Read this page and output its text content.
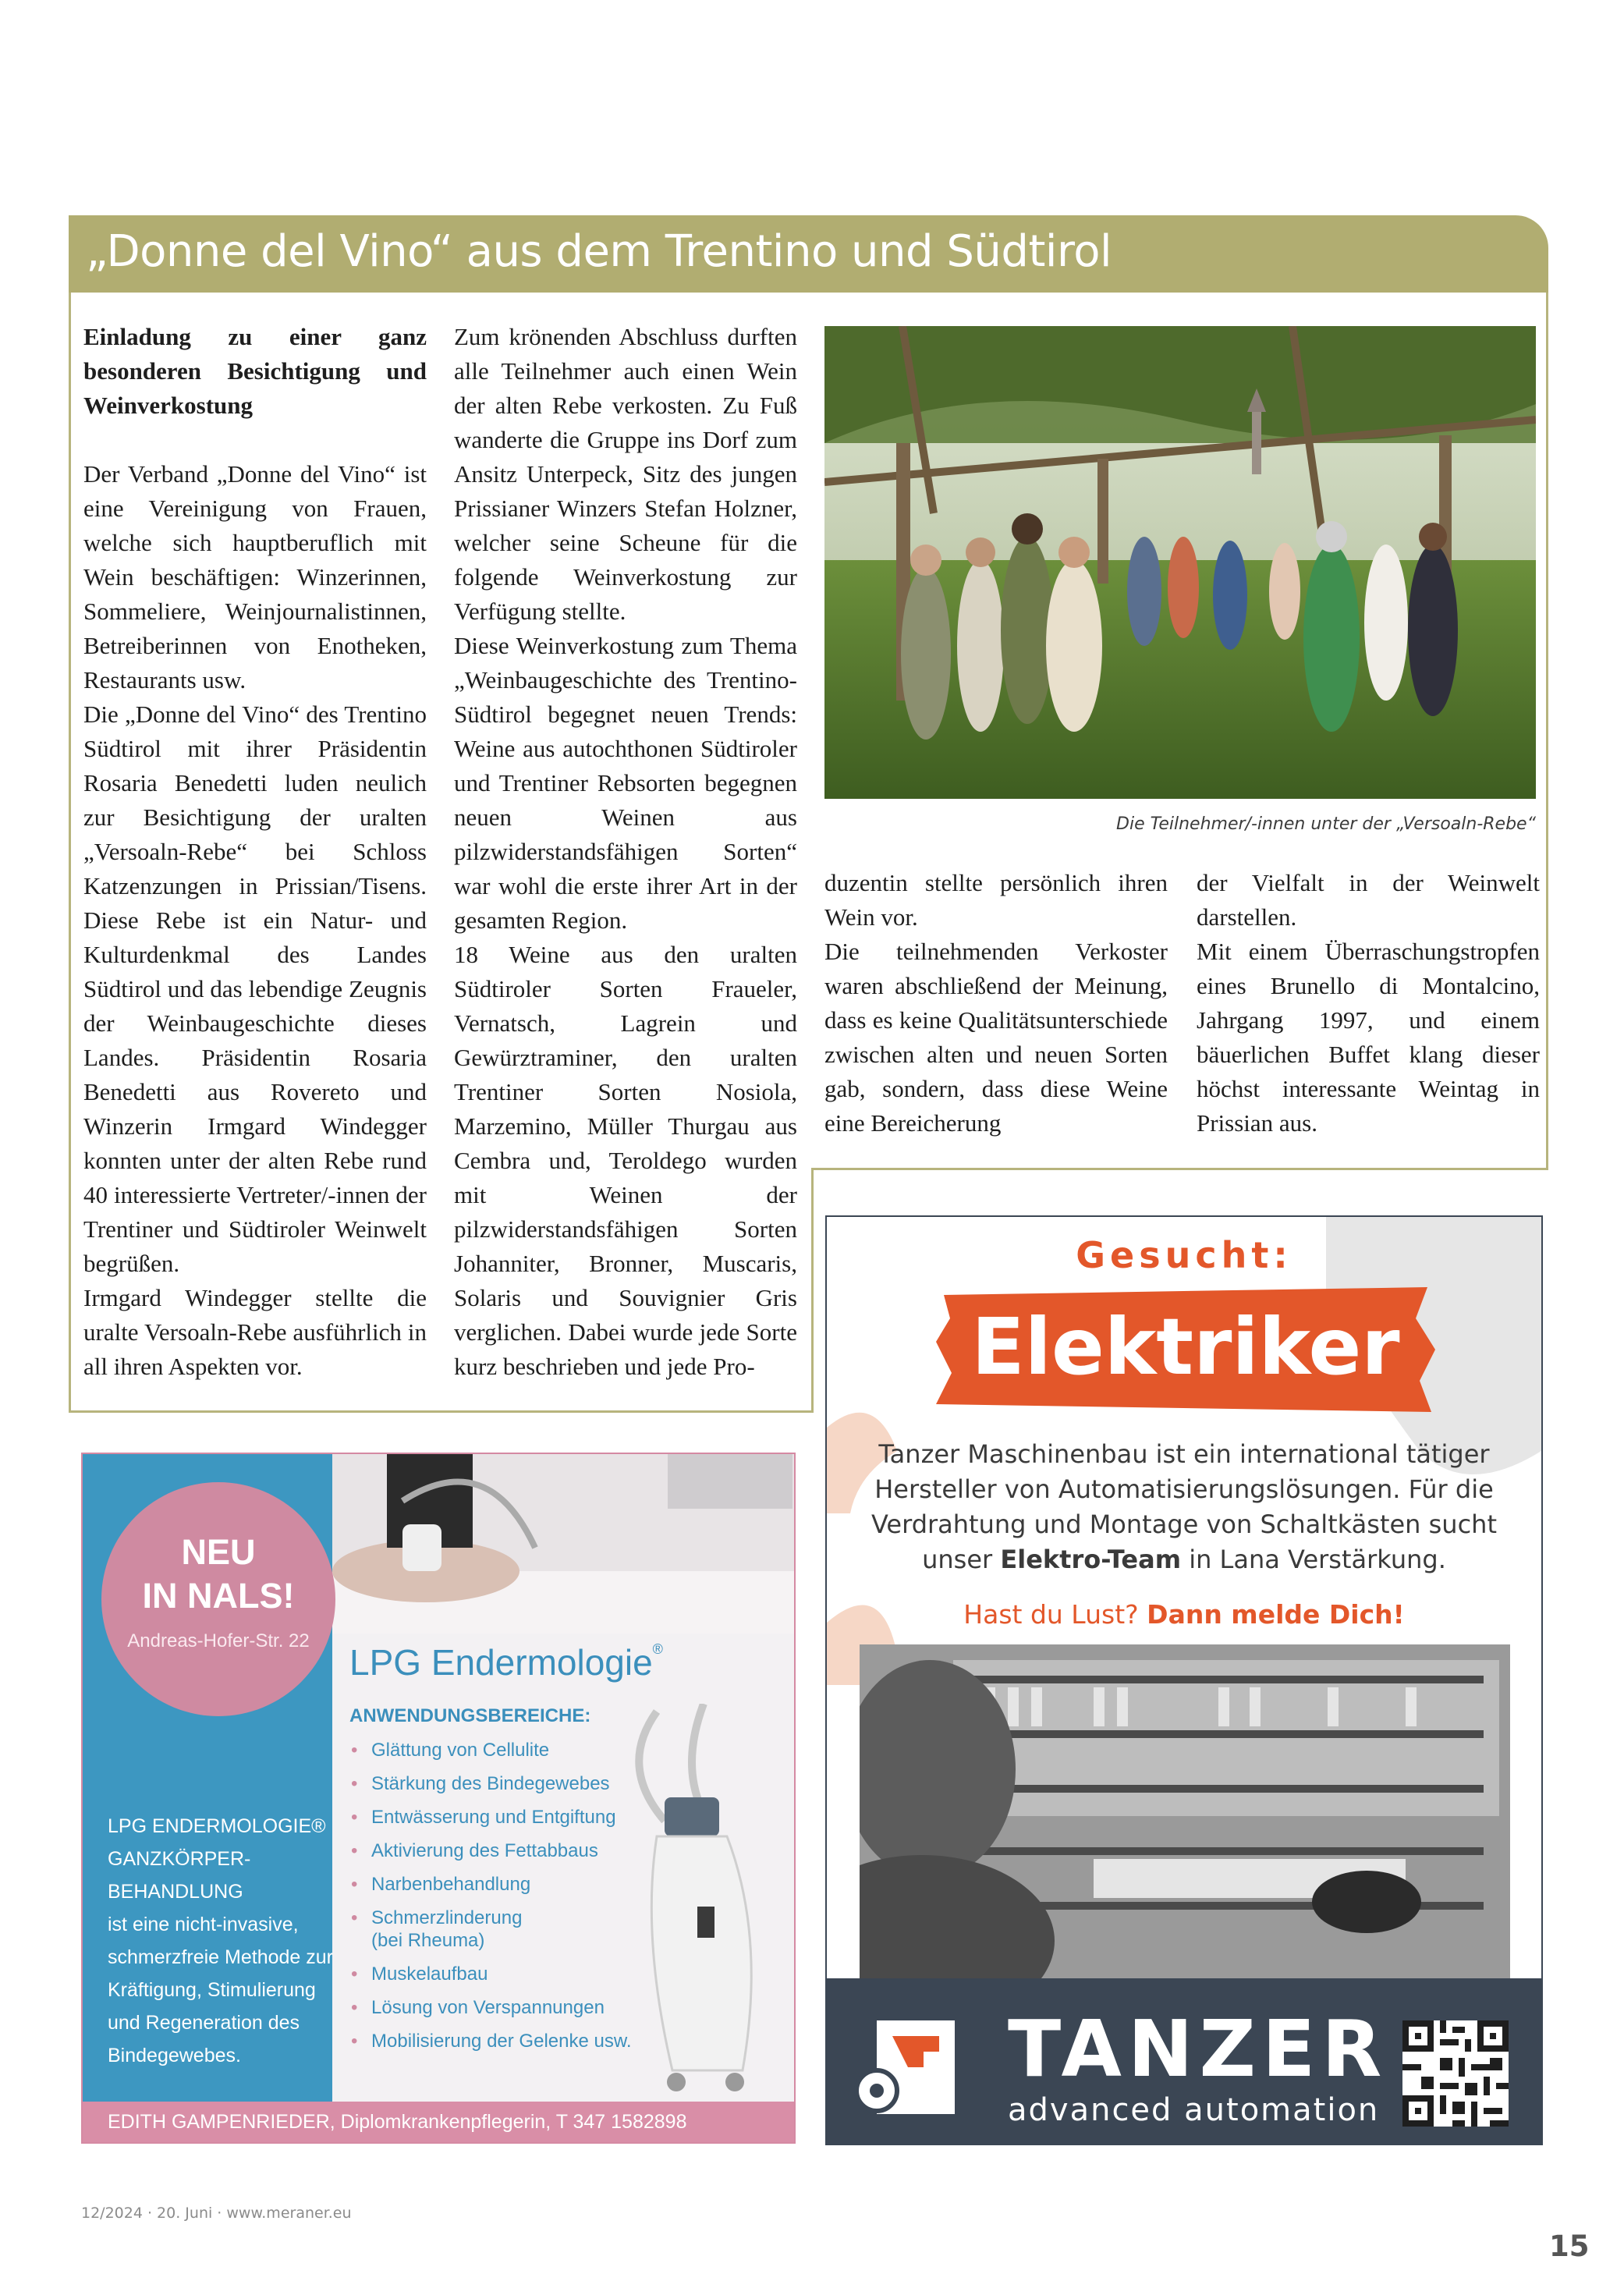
„Donne del Vino“ aus dem Trentino und Südtirol

Einladung zu einer ganz besonderen Besichtigung und Weinverkostung

Der Verband „Donne del Vino“ ist eine Vereinigung von Frauen, welche sich hauptberuflich mit Wein beschäftigen: Winzerinnen, Sommeliere, Weinjournalistinnen, Betreiberinnen von Enotheken, Restaurants usw.

Die „Donne del Vino“ des Trentino Südtirol mit ihrer Präsidentin Rosaria Benedetti luden neulich zur Besichtigung der uralten „Versoaln-Rebe“ bei Schloss Katzenzungen in Prissian/Tisens. Diese Rebe ist ein Natur- und Kulturdenkmal des Landes Südtirol und das lebendige Zeugnis der Weinbaugeschichte dieses Landes. Präsidentin Rosaria Benedetti aus Rovereto und Winzerin Irmgard Windegger konnten unter der alten Rebe rund 40 interessierte Vertreter/-innen der Trentiner und Südtiroler Weinwelt begrüßen.

Irmgard Windegger stellte die uralte Versoaln-Rebe ausführlich in all ihren Aspekten vor.

Zum krönenden Abschluss durften alle Teilnehmer auch einen Wein der alten Rebe verkosten. Zu Fuß wanderte die Gruppe ins Dorf zum Ansitz Unterpeck, Sitz des jungen Prissianer Winzers Stefan Holzner, welcher seine Scheune für die folgende Weinverkostung zur Verfügung stellte.

Diese Weinverkostung zum Thema „Weinbaugeschichte des Trentino-Südtirol begegnet neuen Trends: Weine aus autochthonen Südtiroler und Trentiner Rebsorten begegnen neuen Weinen aus pilzwiderstandsfähigen Sorten“ war wohl die erste ihrer Art in der gesamten Region.

18 Weine aus den uralten Südtiroler Sorten Fraueler, Vernatsch, Lagrein und Gewürztraminer, den uralten Trentiner Sorten Nosiola, Marzemino, Müller Thurgau aus Cembra und, Teroldego wurden mit Weinen der pilzwiderstandsfähigen Sorten Johanniter, Bronner, Muscaris, Solaris und Souvignier Gris verglichen. Dabei wurde jede Sorte kurz beschrieben und jede Pro-

Die Teilnehmer/-innen unter der „Versoaln-Rebe“

duzentin stellte persönlich ihren Wein vor.

Die teilnehmenden Verkoster waren abschließend der Meinung, dass es keine Qualitätsunterschiede zwischen alten und neuen Sorten gab, sondern, dass diese Weine eine Bereicherung

der Vielfalt in der Weinwelt darstellen.

Mit einem Überraschungstropfen eines Brunello di Montalcino, Jahrgang 1997, und einem bäuerlichen Buffet klang dieser höchst interessante Weintag in Prissian aus.

NEU
IN NALS!
Andreas-Hofer-Str. 22
LPG Endermologie®
ANWENDUNGSBEREICHE:
• Glättung von Cellulite
• Stärkung des Bindegewebes
• Entwässerung und Entgiftung
• Aktivierung des Fettabbaus
• Narbenbehandlung
• Schmerzlinderung (bei Rheuma)
• Muskelaufbau
• Lösung von Verspannungen
• Mobilisierung der Gelenke usw.
LPG ENDERMOLOGIE® GANZKÖRPER-BEHANDLUNG
ist eine nicht-invasive, schmerzfreie Methode zur Kräftigung, Stimulierung und Regeneration des Bindegewebes.
EDITH GAMPENRIEDER, Diplomkrankenpflegerin, T 347 1582898
Gesucht:
Elektriker
Tanzer Maschinenbau ist ein international tätiger Hersteller von Automatisierungslösungen. Für die Verdrahtung und Montage von Schaltkästen sucht unser Elektro-Team in Lana Verstärkung.
Hast du Lust? Dann melde Dich!
TANZER
advanced automation
12/2024 · 20. Juni · www.meraner.eu
15
